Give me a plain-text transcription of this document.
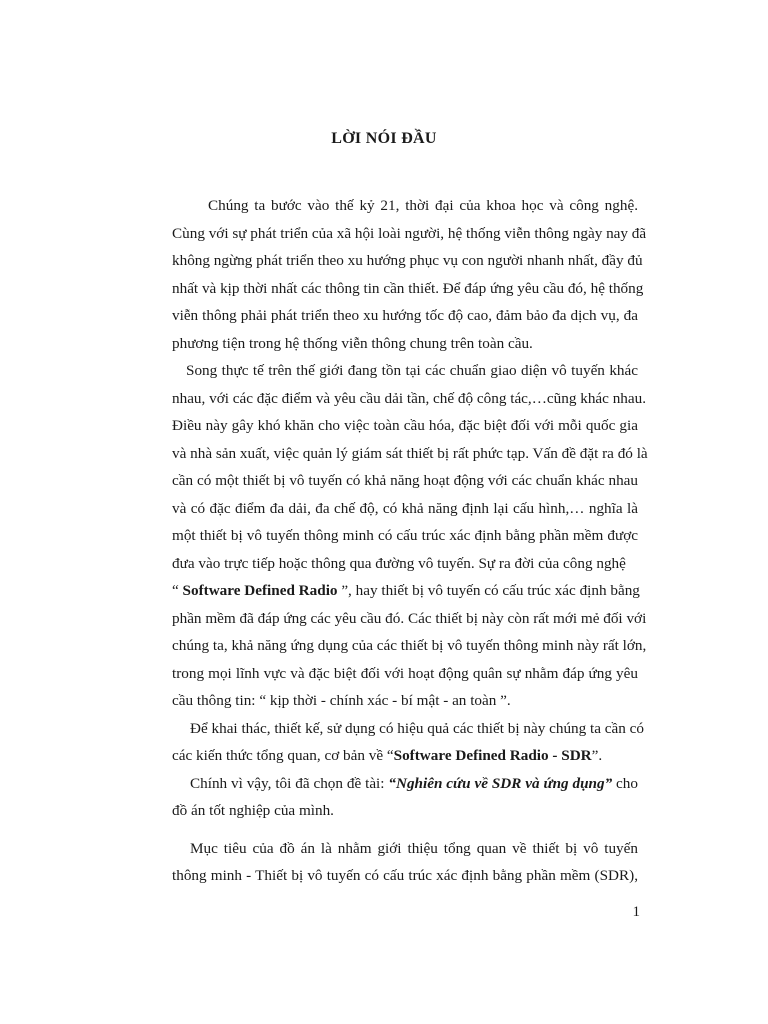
LỜI NÓI ĐẦU
Chúng ta bước vào thế kỷ 21, thời đại của khoa học và công nghệ.
Cùng với sự phát triển của xã hội loài người, hệ thống viễn thông ngày nay đã
không ngừng phát triển theo xu hướng phục vụ con người nhanh nhất, đầy đủ
nhất và kịp thời nhất các thông tin cần thiết. Để đáp ứng yêu cầu đó, hệ thống
viễn thông phải phát triển theo xu hướng tốc độ cao, đảm bảo đa dịch vụ, đa
phương tiện trong hệ thống viễn thông chung trên toàn cầu.
Song thực tế trên thế giới đang tồn tại các chuẩn giao diện vô tuyến khác
nhau, với các đặc điểm và yêu cầu dải tần, chế độ công tác,…cũng khác nhau.
Điều này gây khó khăn cho việc toàn cầu hóa, đặc biệt đối với mỗi quốc gia
và nhà sản xuất, việc quản lý giám sát thiết bị rất phức tạp. Vấn đề đặt ra đó là
cần có một thiết bị vô tuyến có khả năng hoạt động với các chuẩn khác nhau
và có đặc điểm đa dải, đa chế độ, có khả năng định lại cấu hình,… nghĩa là
một thiết bị vô tuyến thông minh có cấu trúc xác định bằng phần mềm được
đưa vào trực tiếp hoặc thông qua đường vô tuyến. Sự ra đời của công nghệ
“ Software Defined Radio ”, hay thiết bị vô tuyến có cấu trúc xác định bằng
phần mềm đã đáp ứng các yêu cầu đó. Các thiết bị này còn rất mới mẻ đối với
chúng ta, khả năng ứng dụng của các thiết bị vô tuyến thông minh này rất lớn,
trong mọi lĩnh vực và đặc biệt đối với hoạt động quân sự nhằm đáp ứng yêu
cầu thông tin: “ kịp thời - chính xác - bí mật - an toàn ”.
Để khai thác, thiết kế, sử dụng có hiệu quả các thiết bị này chúng ta cần có
các kiến thức tổng quan, cơ bản về “Software Defined Radio - SDR”.
Chính vì vậy, tôi đã chọn đề tài: “Nghiên cứu về SDR và ứng dụng” cho
đồ án tốt nghiệp của mình.
Mục tiêu của đồ án là nhằm giới thiệu tổng quan về thiết bị vô tuyến
thông minh - Thiết bị vô tuyến có cấu trúc xác định bằng phần mềm (SDR),
1
